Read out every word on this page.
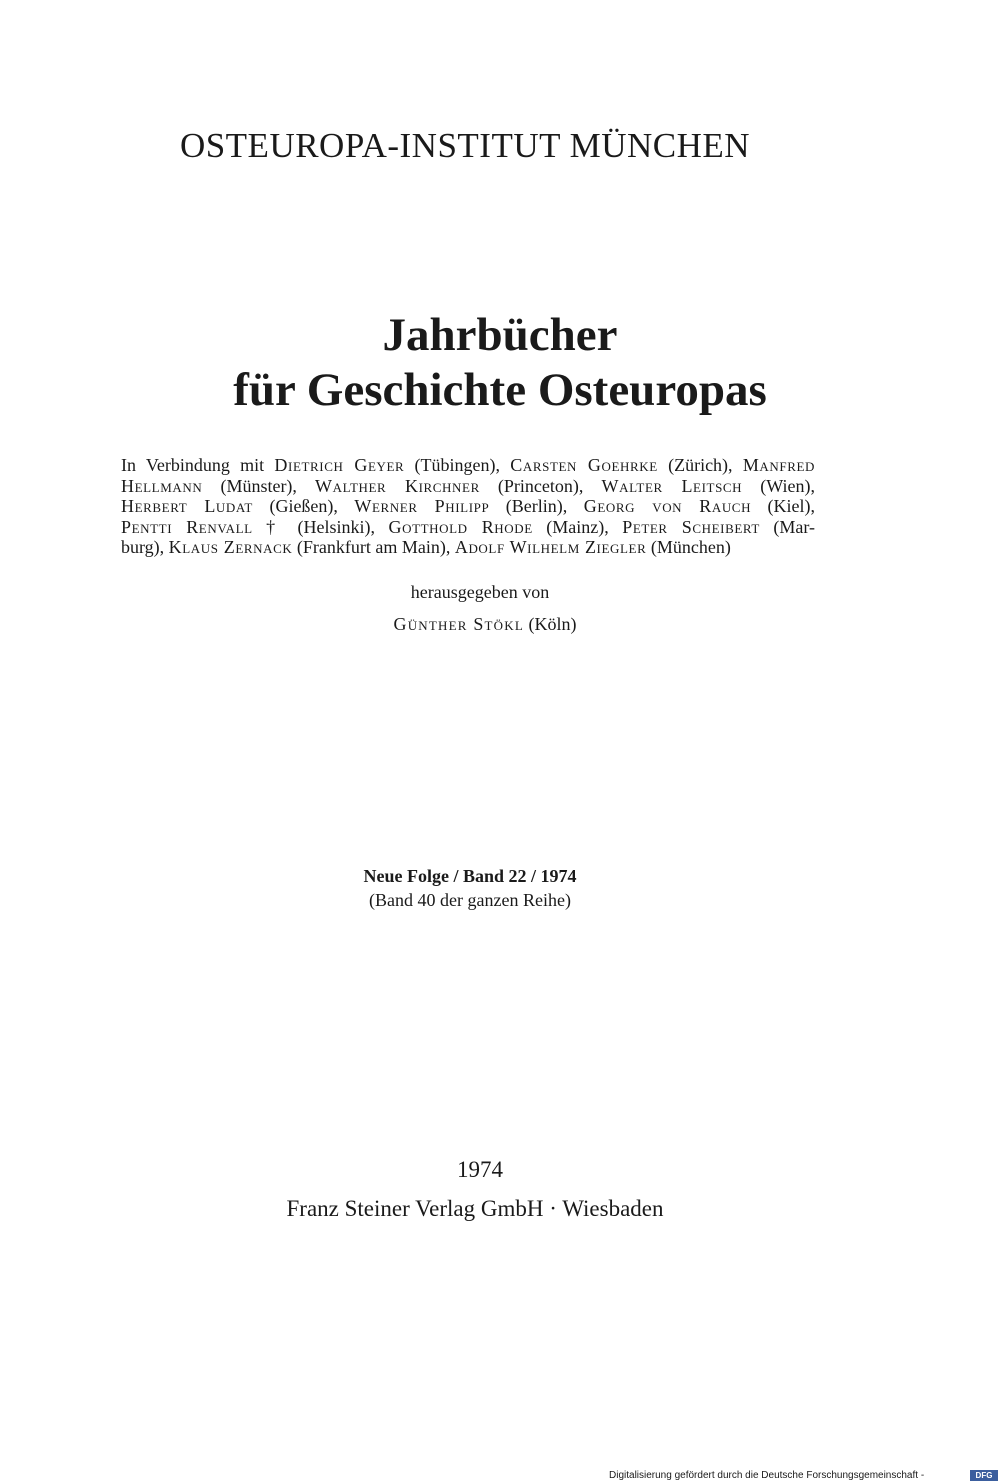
OSTEUROPA-INSTITUT MÜNCHEN
Jahrbücher
für Geschichte Osteuropas
In Verbindung mit Dietrich Geyer (Tübingen), Carsten Goehrke (Zürich), Manfred
Hellmann (Münster), Walther Kirchner (Princeton), Walter Leitsch (Wien),
Herbert Ludat (Gießen), Werner Philipp (Berlin), Georg von Rauch (Kiel),
Pentti Renvall † (Helsinki), Gotthold Rhode (Mainz), Peter Scheibert (Mar-
burg), Klaus Zernack (Frankfurt am Main), Adolf Wilhelm Ziegler (München)
herausgegeben von
Günther Stökl (Köln)
Neue Folge / Band 22 / 1974
(Band 40 der ganzen Reihe)
1974
Franz Steiner Verlag GmbH · Wiesbaden
Digitalisierung gefördert durch die Deutsche Forschungsgemeinschaft -	DFG
